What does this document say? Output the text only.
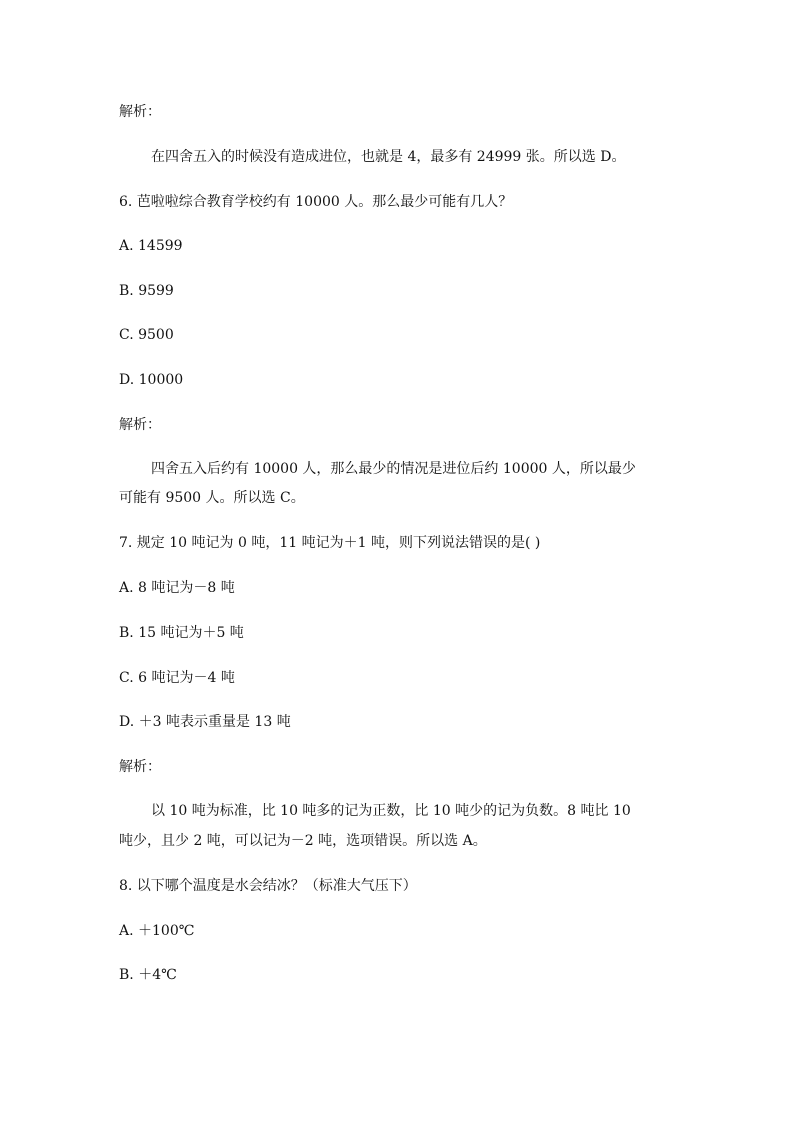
解析：
在四舍五入的时候没有造成进位，也就是 4，最多有 24999 张。所以选 D。
6. 芭啦啦综合教育学校约有 10000 人。那么最少可能有几人？
A. 14599
B. 9599
C. 9500
D. 10000
解析：
四舍五入后约有 10000 人，那么最少的情况是进位后约 10000 人，所以最少
可能有 9500 人。所以选 C。
7. 规定 10 吨记为 0 吨，11 吨记为＋1 吨，则下列说法错误的是( )
A. 8 吨记为－8 吨
B. 15 吨记为＋5 吨
C. 6 吨记为－4 吨
D. ＋3 吨表示重量是 13 吨
解析：
以 10 吨为标准，比 10 吨多的记为正数，比 10 吨少的记为负数。8 吨比 10
吨少，且少 2 吨，可以记为－2 吨，选项错误。所以选 A。
8. 以下哪个温度是水会结冰？（标准大气压下）
A. ＋100℃
B. ＋4℃
